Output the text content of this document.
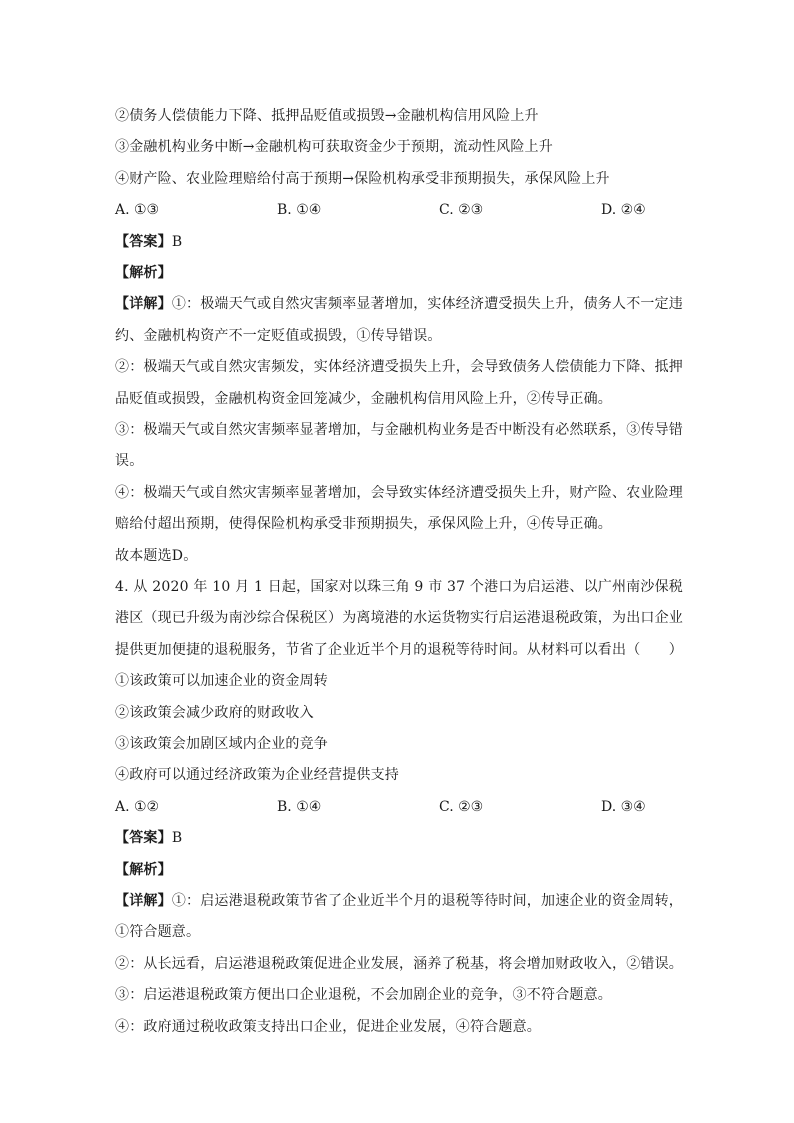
②债务人偿债能力下降、抵押品贬值或损毁→金融机构信用风险上升
③金融机构业务中断→金融机构可获取资金少于预期，流动性风险上升
④财产险、农业险理赔给付高于预期→保险机构承受非预期损失，承保风险上升
A. ①③	B. ①④	C. ②③	D. ②④
【答案】B
【解析】
【详解】①：极端天气或自然灾害频率显著增加，实体经济遭受损失上升，债务人不一定违约、金融机构资产不一定贬值或损毁，①传导错误。
②：极端天气或自然灾害频发，实体经济遭受损失上升，会导致债务人偿债能力下降、抵押品贬值或损毁，金融机构资金回笼减少，金融机构信用风险上升，②传导正确。
③：极端天气或自然灾害频率显著增加，与金融机构业务是否中断没有必然联系，③传导错误。
④：极端天气或自然灾害频率显著增加，会导致实体经济遭受损失上升，财产险、农业险理赔给付超出预期，使得保险机构承受非预期损失，承保风险上升，④传导正确。
故本题选D。
4. 从 2020 年 10 月 1 日起，国家对以珠三角 9 市 37 个港口为启运港、以广州南沙保税港区（现已升级为南沙综合保税区）为离境港的水运货物实行启运港退税政策，为出口企业提供更加便捷的退税服务，节省了企业近半个月的退税等待时间。从材料可以看出（　　）
①该政策可以加速企业的资金周转
②该政策会减少政府的财政收入
③该政策会加剧区域内企业的竞争
④政府可以通过经济政策为企业经营提供支持
A. ①②	B. ①④	C. ②③	D. ③④
【答案】B
【解析】
【详解】①：启运港退税政策节省了企业近半个月的退税等待时间，加速企业的资金周转，①符合题意。
②：从长远看，启运港退税政策促进企业发展，涵养了税基，将会增加财政收入，②错误。
③：启运港退税政策方便出口企业退税，不会加剧企业的竞争，③不符合题意。
④：政府通过税收政策支持出口企业，促进企业发展，④符合题意。
